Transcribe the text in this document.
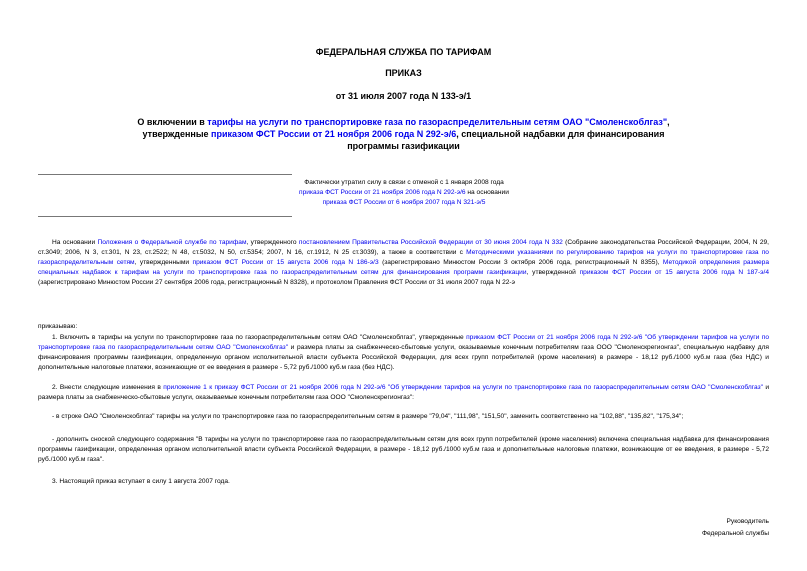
ФЕДЕРАЛЬНАЯ СЛУЖБА ПО ТАРИФАМ
ПРИКАЗ
от 31 июля 2007 года N 133-э/1
О включении в тарифы на услуги по транспортировке газа по газораспределительным сетям ОАО "Смоленскоблгаз", утвержденные приказом ФСТ России от 21 ноября 2006 года N 292-э/6, специальной надбавки для финансирования программы газификации
Фактически утратил силу в связи с отменой с 1 января 2008 года
приказа ФСТ России от 21 ноября 2006 года N 292-э/6 на основании
приказа ФСТ России от 6 ноября 2007 года N 321-э/5
На основании Положения о Федеральной службе по тарифам, утвержденного постановлением Правительства Российской Федерации от 30 июня 2004 года N 332 (Собрание законодательства Российской Федерации, 2004, N 29, ст.3049; 2006, N 3, ст.301, N 23, ст.2522; N 48, ст.5032, N 50, ст.5354; 2007, N 16, ст.1912, N 25 ст.3039), а также в соответствии с Методическими указаниями по регулированию тарифов на услуги по транспортировке газа по газораспределительным сетям, утвержденными приказом ФСТ России от 15 августа 2006 года N 186-э/3 (зарегистрировано Минюстом России 3 октября 2006 года, регистрационный N 8355), Методикой определения размера специальных надбавок к тарифам на услуги по транспортировке газа по газораспределительным сетям для финансирования программ газификации, утвержденной приказом ФСТ России от 15 августа 2006 года N 187-э/4 (зарегистрировано Минюстом России 27 сентября 2006 года, регистрационный N 8328), и протоколом Правления ФСТ России от 31 июля 2007 года N 22-э
приказываю:
1. Включить в тарифы на услуги по транспортировке газа по газораспределительным сетям ОАО "Смоленскоблгаз", утвержденные приказом ФСТ России от 21 ноября 2006 года N 292-э/6 "Об утверждении тарифов на услуги по транспортировке газа по газораспределительным сетям ОАО "Смоленскоблгаз" и размера платы за снабженческо-сбытовые услуги, оказываемые конечным потребителям газа ООО "Смоленскрегионгаз", специальную надбавку для финансирования программы газификации, определенную органом исполнительной власти субъекта Российской Федерации, для всех групп потребителей (кроме населения) в размере - 18,12 руб./1000 куб.м газа (без НДС) и дополнительные налоговые платежи, возникающие от ее введения в размере - 5,72 руб./1000 куб.м газа (без НДС).
2. Внести следующие изменения в приложение 1 к приказу ФСТ России от 21 ноября 2006 года N 292-э/6 "Об утверждении тарифов на услуги по транспортировке газа по газораспределительным сетям ОАО "Смоленскоблгаз" и размера платы за снабженческо-сбытовые услуги, оказываемые конечным потребителям газа ООО "Смоленскрегионгаз":
- в строке ОАО "Смоленскоблгаз" тарифы на услуги по транспортировке газа по газораспределительным сетям в размере "79,04", "111,98", "151,50", заменить соответственно на "102,88", "135,82", "175,34";
- дополнить сноской следующего содержания "В тарифы на услуги по транспортировке газа по газораспределительным сетям для всех групп потребителей (кроме населения) включена специальная надбавка для финансирования программы газификации, определенная органом исполнительной власти субъекта Российской Федерации, в размере - 18,12 руб./1000 куб.м газа и дополнительные налоговые платежи, возникающие от ее введения, в размере - 5,72 руб./1000 куб.м газа".
3. Настоящий приказ вступает в силу 1 августа 2007 года.
Руководитель
Федеральной службы
